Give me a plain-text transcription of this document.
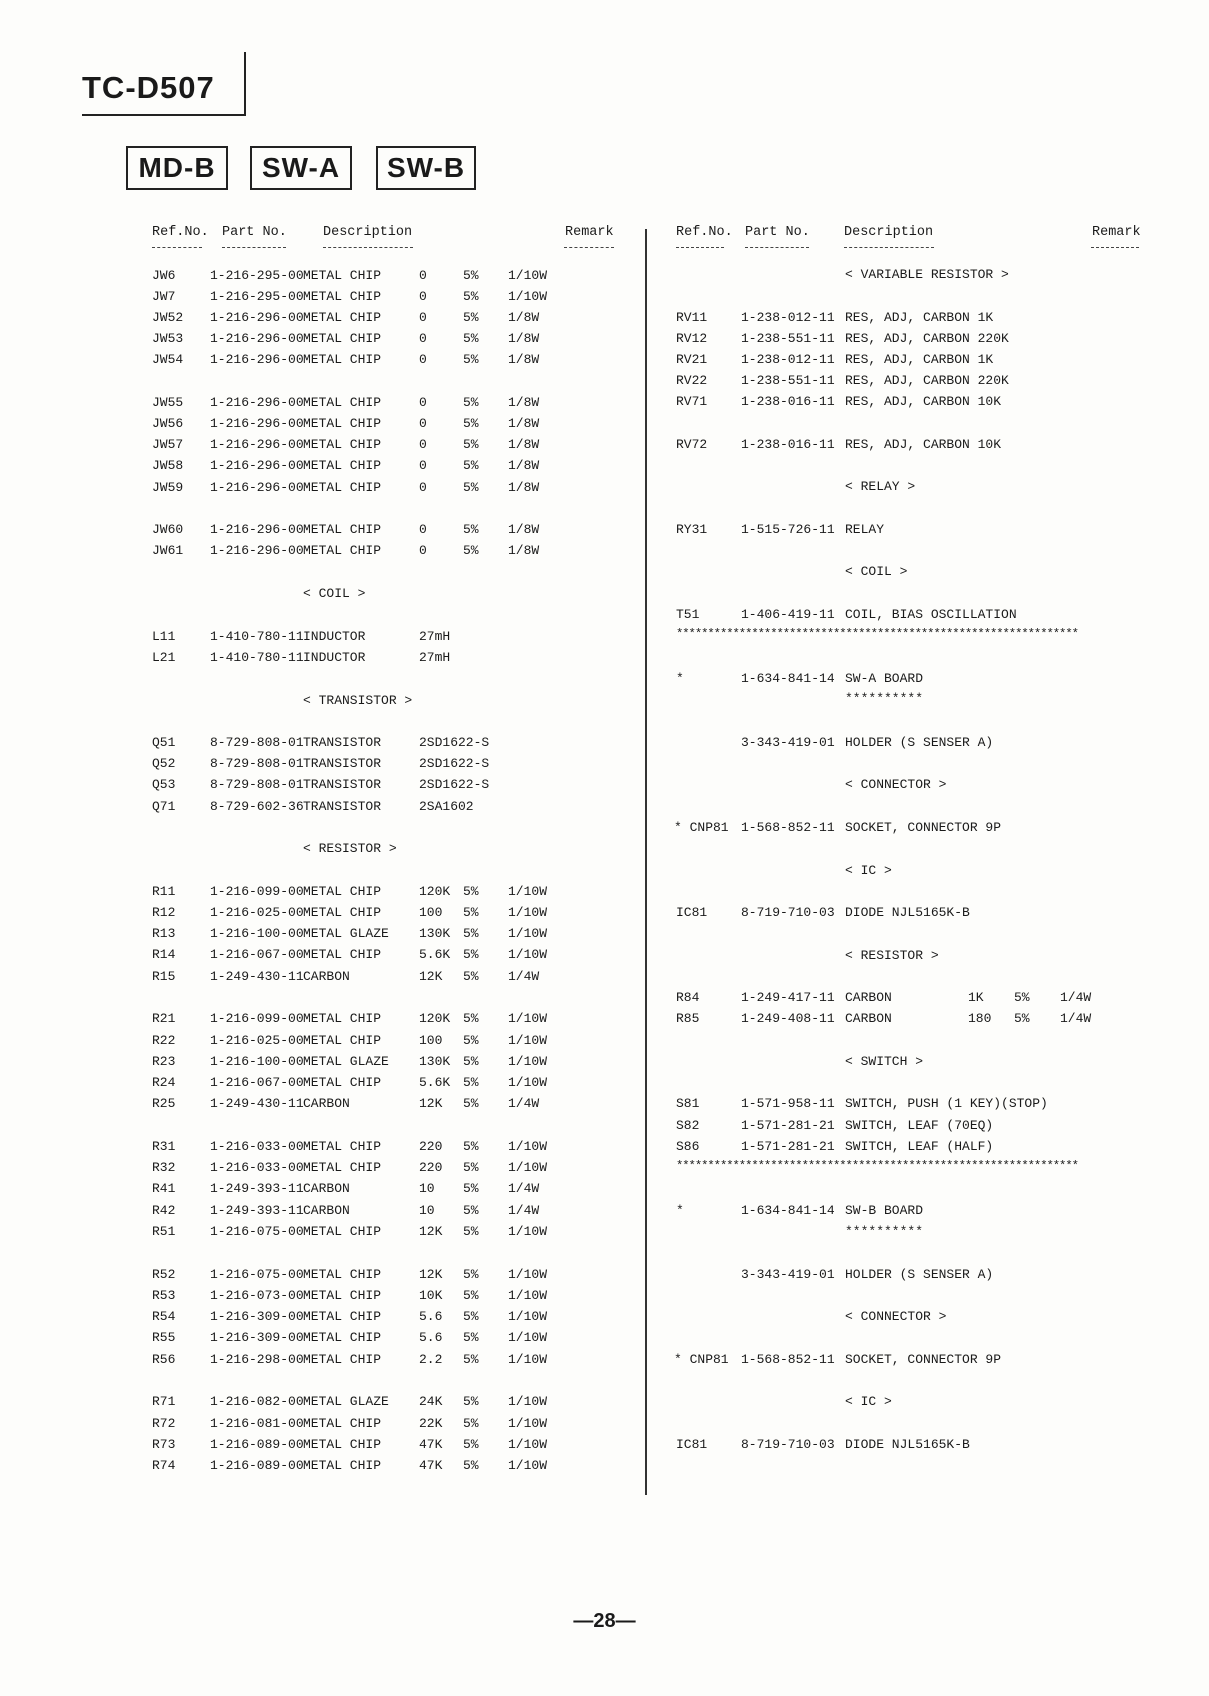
TC-D507
MD-B	SW-A	SW-B
Ref.No. Part No.	Description	Remark	Ref.No. Part No.	Description	Remark
JW6	1-216-295-00 METAL CHIP	0	5% 1/10W
JW7	1-216-295-00 METAL CHIP	0	5% 1/10W
JW52 1-216-296-00 METAL CHIP	0	5% 1/8W
JW53 1-216-296-00 METAL CHIP	0	5% 1/8W
JW54 1-216-296-00 METAL CHIP	0	5% 1/8W
JW55 1-216-296-00 METAL CHIP	0	5% 1/8W
JW56 1-216-296-00 METAL CHIP	0	5% 1/8W
JW57 1-216-296-00 METAL CHIP	0	5% 1/8W
JW58 1-216-296-00 METAL CHIP	0	5% 1/8W
JW59 1-216-296-00 METAL CHIP	0	5% 1/8W
JW60 1-216-296-00 METAL CHIP	0	5% 1/8W
JW61 1-216-296-00 METAL CHIP	0	5% 1/8W
< COIL >
L11	1-410-780-11 INDUCTOR	27mH
L21	1-410-780-11 INDUCTOR	27mH
< TRANSISTOR >
Q51	8-729-808-01 TRANSISTOR	2SD1622-S
Q52	8-729-808-01 TRANSISTOR	2SD1622-S
Q53	8-729-808-01 TRANSISTOR	2SD1622-S
Q71	8-729-602-36 TRANSISTOR	2SA1602
< RESISTOR >
R11	1-216-099-00 METAL CHIP	120K 5% 1/10W
R12	1-216-025-00 METAL CHIP	100 5% 1/10W
R13	1-216-100-00 METAL GLAZE 130K 5% 1/10W
R14	1-216-067-00 METAL CHIP	5.6K 5% 1/10W
R15	1-249-430-11 CARBON	12K 5% 1/4W
R21	1-216-099-00 METAL CHIP	120K 5% 1/10W
R22	1-216-025-00 METAL CHIP	100 5% 1/10W
R23	1-216-100-00 METAL GLAZE 130K 5% 1/10W
R24	1-216-067-00 METAL CHIP	5.6K 5% 1/10W
R25	1-249-430-11 CARBON	12K 5% 1/4W
R31	1-216-033-00 METAL CHIP	220 5% 1/10W
R32	1-216-033-00 METAL CHIP	220 5% 1/10W
R41	1-249-393-11 CARBON	10 5% 1/4W
R42	1-249-393-11 CARBON	10 5% 1/4W
R51	1-216-075-00 METAL CHIP	12K 5% 1/10W
R52	1-216-075-00 METAL CHIP	12K 5% 1/10W
R53	1-216-073-00 METAL CHIP	10K 5% 1/10W
R54	1-216-309-00 METAL CHIP	5.6 5% 1/10W
R55	1-216-309-00 METAL CHIP	5.6 5% 1/10W
R56	1-216-298-00 METAL CHIP	2.2 5% 1/10W
R71	1-216-082-00 METAL GLAZE 24K 5% 1/10W
R72	1-216-081-00 METAL CHIP	22K 5% 1/10W
R73	1-216-089-00 METAL CHIP	47K 5% 1/10W
R74	1-216-089-00 METAL CHIP	47K 5% 1/10W
< VARIABLE RESISTOR >
RV11	1-238-012-11 RES, ADJ, CARBON 1K
RV12	1-238-551-11 RES, ADJ, CARBON 220K
RV21	1-238-012-11 RES, ADJ, CARBON 1K
RV22	1-238-551-11 RES, ADJ, CARBON 220K
RV71	1-238-016-11 RES, ADJ, CARBON 10K
RV72	1-238-016-11 RES, ADJ, CARBON 10K
< RELAY >
RY31	1-515-726-11 RELAY
< COIL >
T51	1-406-419-11 COIL, BIAS OSCILLATION
****************************************************************
*	1-634-841-14 SW-A BOARD
**********
3-343-419-01 HOLDER (S SENSER A)
< CONNECTOR >
* CNP81 1-568-852-11 SOCKET, CONNECTOR 9P
< IC >
IC81	8-719-710-03 DIODE NJL5165K-B
< RESISTOR >
R84	1-249-417-11 CARBON	1K 5% 1/4W
R85	1-249-408-11 CARBON	180 5% 1/4W
< SWITCH >
S81	1-571-958-11 SWITCH, PUSH (1 KEY)(STOP)
S82	1-571-281-21 SWITCH, LEAF (70EQ)
S86	1-571-281-21 SWITCH, LEAF (HALF)
****************************************************************
*	1-634-841-14 SW-B BOARD
**********
3-343-419-01 HOLDER (S SENSER A)
< CONNECTOR >
* CNP81 1-568-852-11 SOCKET, CONNECTOR 9P
< IC >
IC81	8-719-710-03 DIODE NJL5165K-B
—28—
